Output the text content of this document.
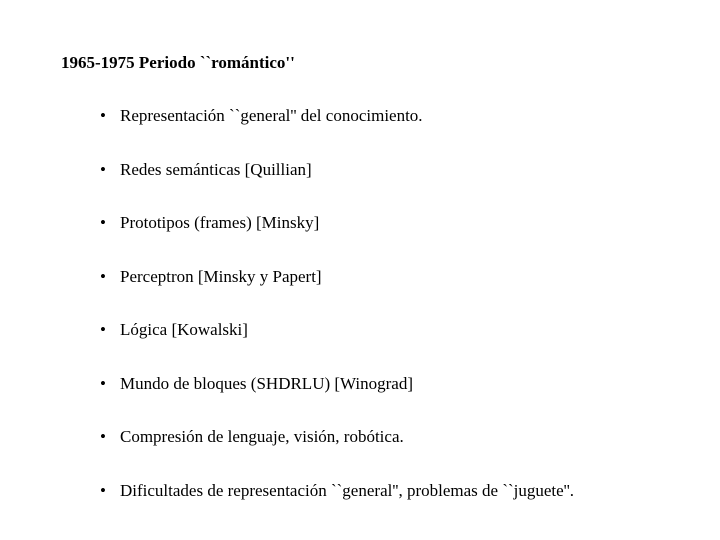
1965-1975 Periodo ``romántico''
• Representación ``general'' del conocimiento.
• Redes semánticas [Quillian]
• Prototipos (frames) [Minsky]
• Perceptron [Minsky y Papert]
• Lógica [Kowalski]
• Mundo de bloques (SHDRLU) [Winograd]
• Compresión de lenguaje, visión, robótica.
• Dificultades de representación ``general'', problemas de ``juguete''.
